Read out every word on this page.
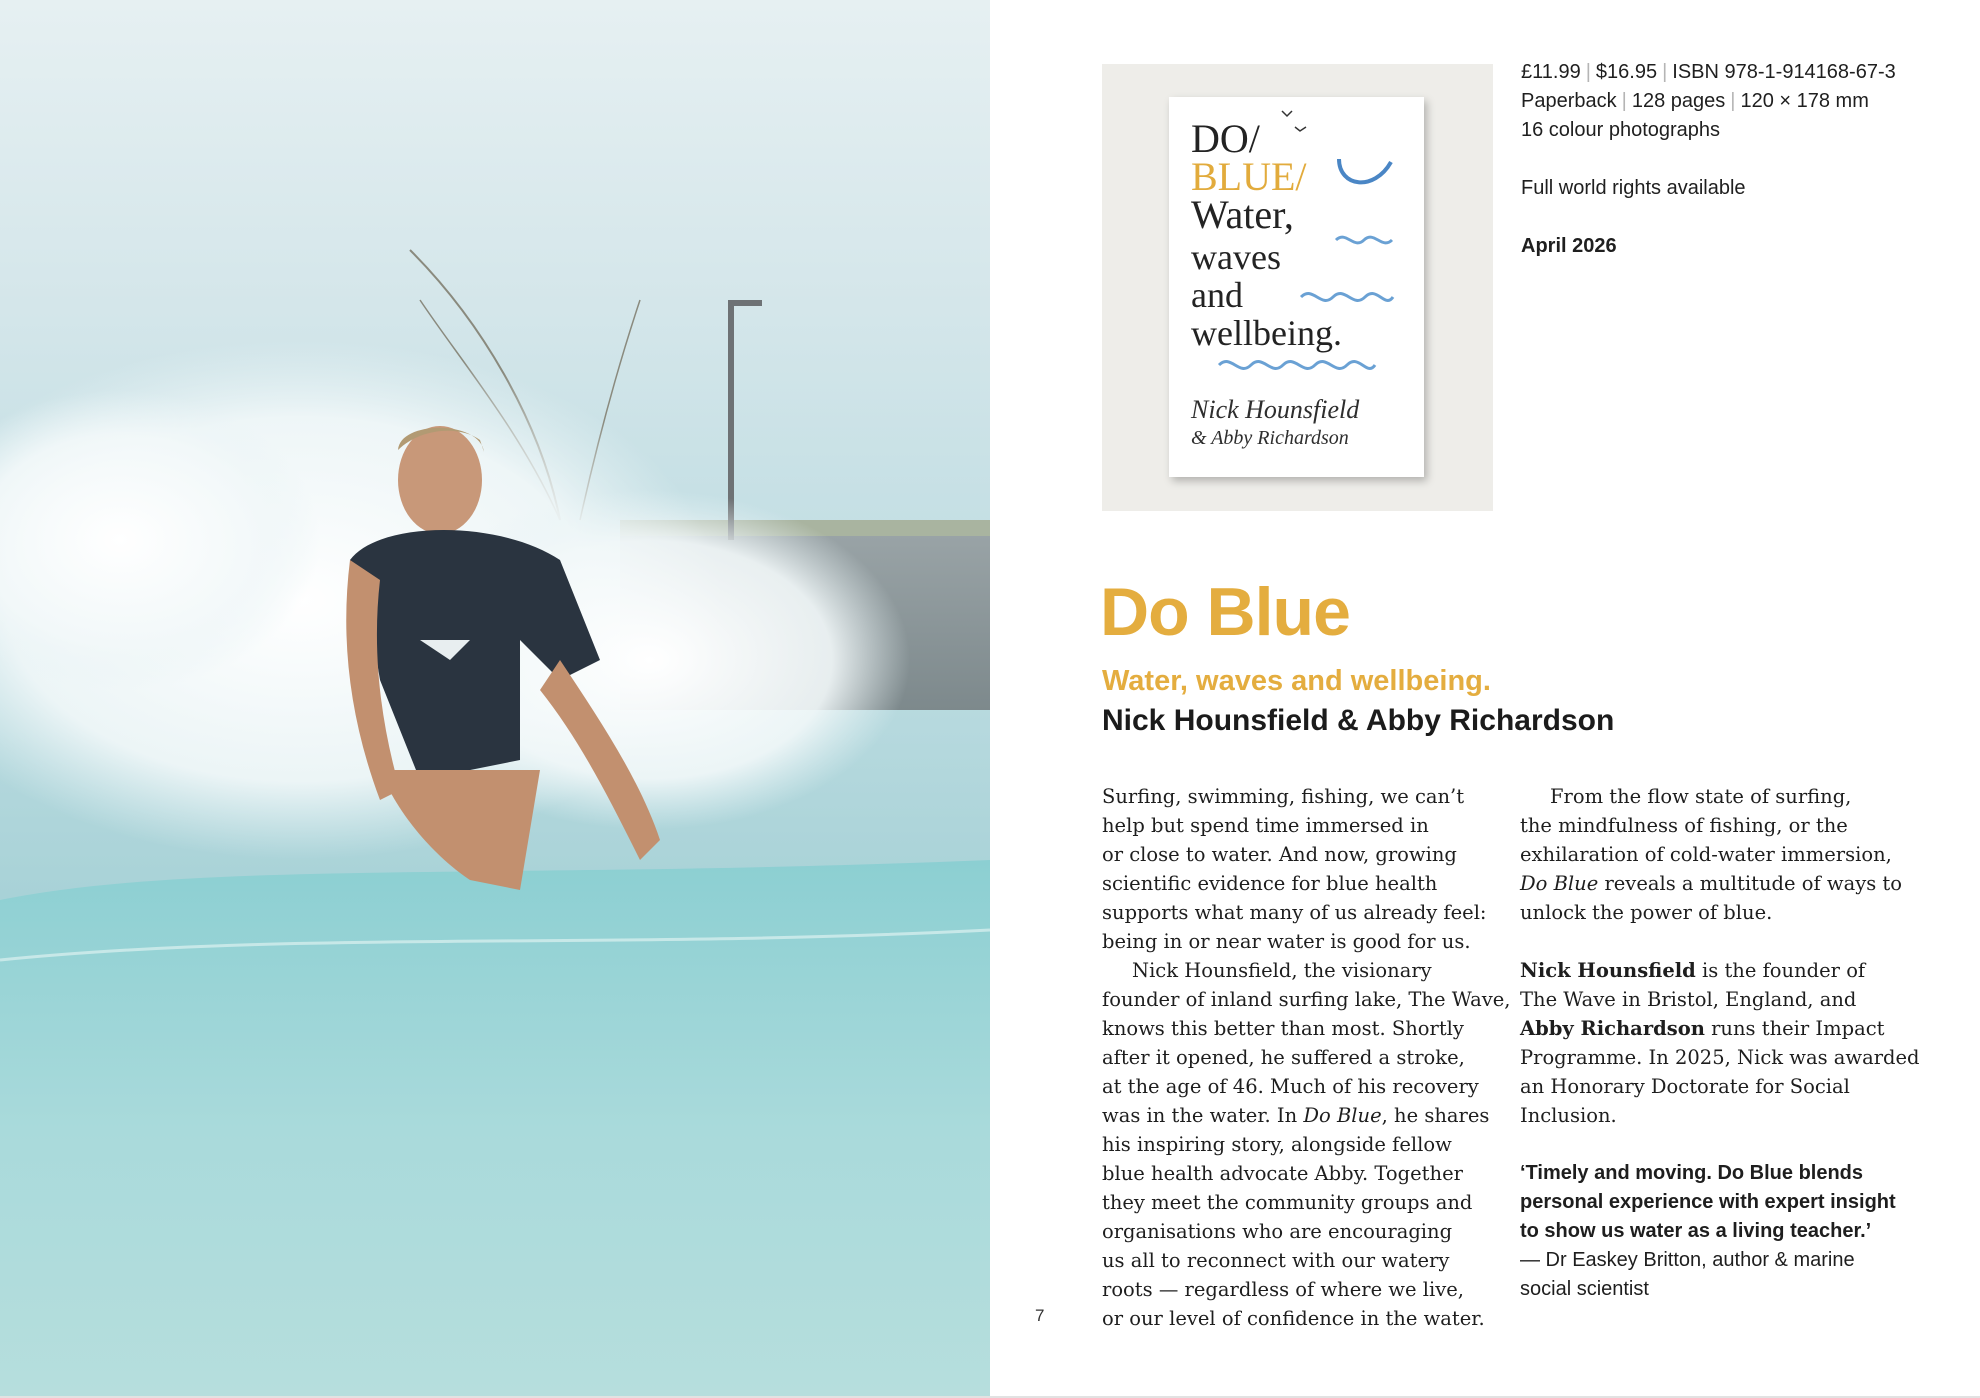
DO/
BLUE/
Water,
waves
and
wellbeing.
Nick Hounsfield
& Abby Richardson
£11.99 | $16.95 | ISBN 978-1-914168-67-3
Paperback | 128 pages | 120 × 178 mm
16 colour photographs
Full world rights available
April 2026
Do Blue
Water, waves and wellbeing.
Nick Hounsfield & Abby Richardson
Surfing, swimming, fishing, we can’t
help but spend time immersed in
or close to water. And now, growing
scientific evidence for blue health
supports what many of us already feel:
being in or near water is good for us.
Nick Hounsfield, the visionary
founder of inland surfing lake, The Wave,
knows this better than most. Shortly
after it opened, he suffered a stroke,
at the age of 46. Much of his recovery
was in the water. In Do Blue, he shares
his inspiring story, alongside fellow
blue health advocate Abby. Together
they meet the community groups and
organisations who are encouraging
us all to reconnect with our watery
roots — regardless of where we live,
or our level of confidence in the water.
From the flow state of surfing,
the mindfulness of fishing, or the
exhilaration of cold-water immersion,
Do Blue reveals a multitude of ways to
unlock the power of blue.
Nick Hounsfield is the founder of
The Wave in Bristol, England, and
Abby Richardson runs their Impact
Programme. In 2025, Nick was awarded
an Honorary Doctorate for Social
Inclusion.
‘Timely and moving. Do Blue blends
personal experience with expert insight
to show us water as a living teacher.’
— Dr Easkey Britton, author & marine
social scientist
7
